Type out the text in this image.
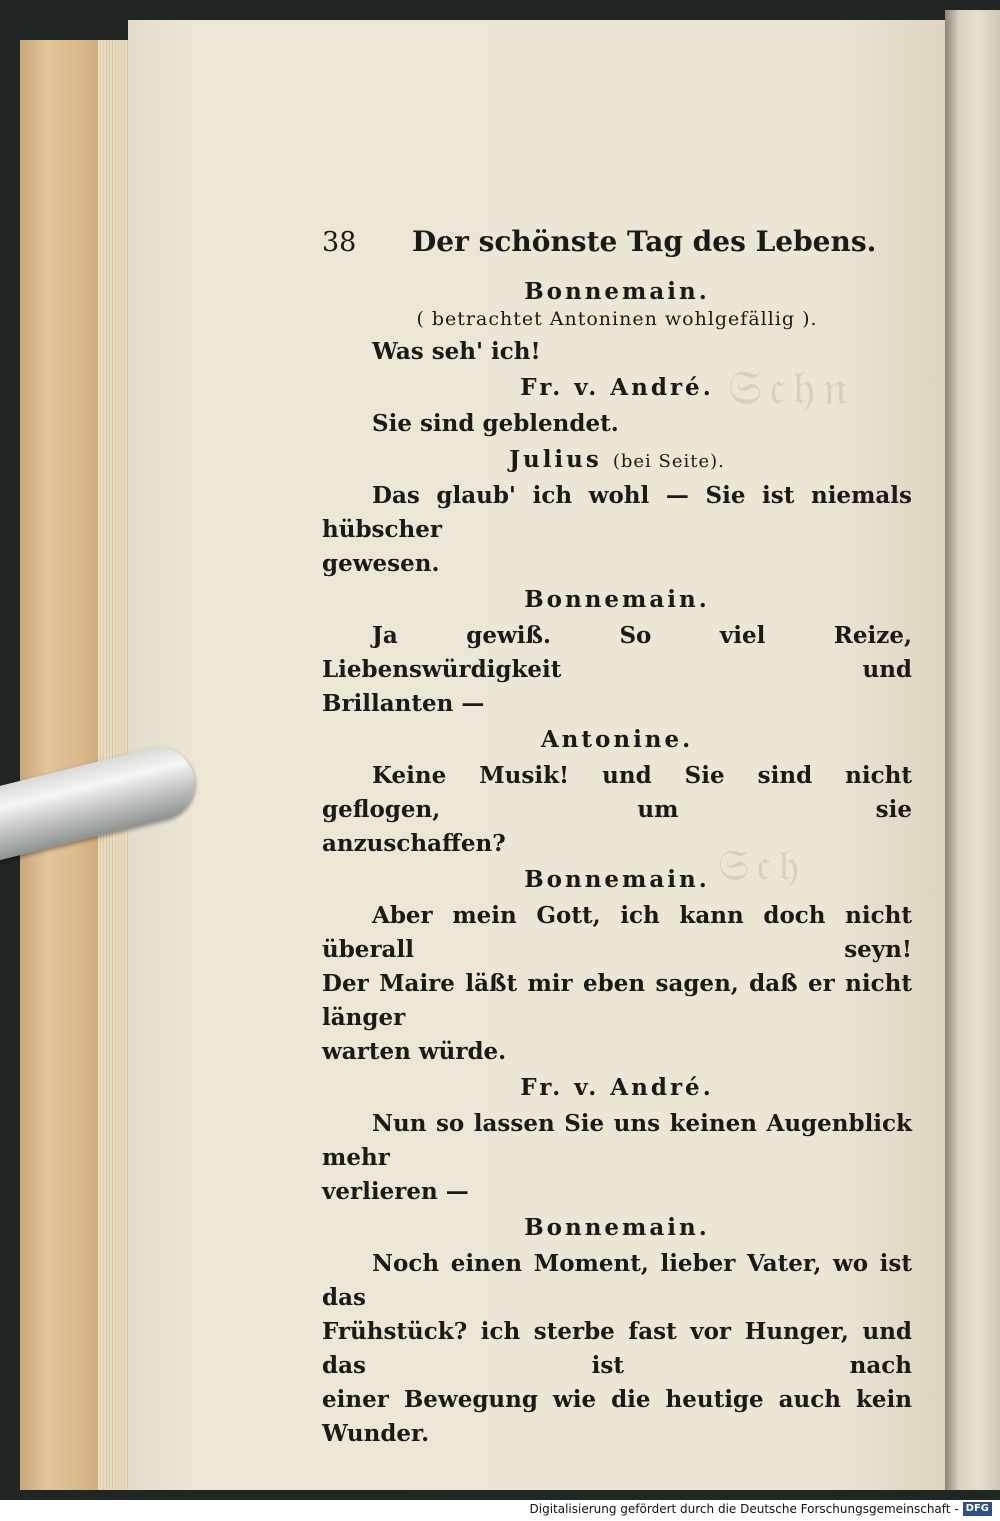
𝔖𝔠𝔥𝔫
𝔖𝔠𝔥
38	Der schönste Tag des Lebens.
Bonnemain.
( betrachtet Antoninen wohlgefällig ).
Was seh' ich!
Fr. v. André.
Sie sind geblendet.
Julius (bei Seite).
Das glaub' ich wohl — Sie ist niemals hübscher
gewesen.
Bonnemain.
Ja gewiß. So viel Reize, Liebenswürdigkeit und
Brillanten —
Antonine.
Keine Musik! und Sie sind nicht geflogen, um sie
anzuschaffen?
Bonnemain.
Aber mein Gott, ich kann doch nicht überall seyn!
Der Maire läßt mir eben sagen, daß er nicht länger
warten würde.
Fr. v. André.
Nun so lassen Sie uns keinen Augenblick mehr
verlieren —
Bonnemain.
Noch einen Moment, lieber Vater, wo ist das
Frühstück? ich sterbe fast vor Hunger, und das ist nach
einer Bewegung wie die heutige auch kein Wunder.
Digitalisierung gefördert durch die Deutsche Forschungsgemeinschaft - DFG
